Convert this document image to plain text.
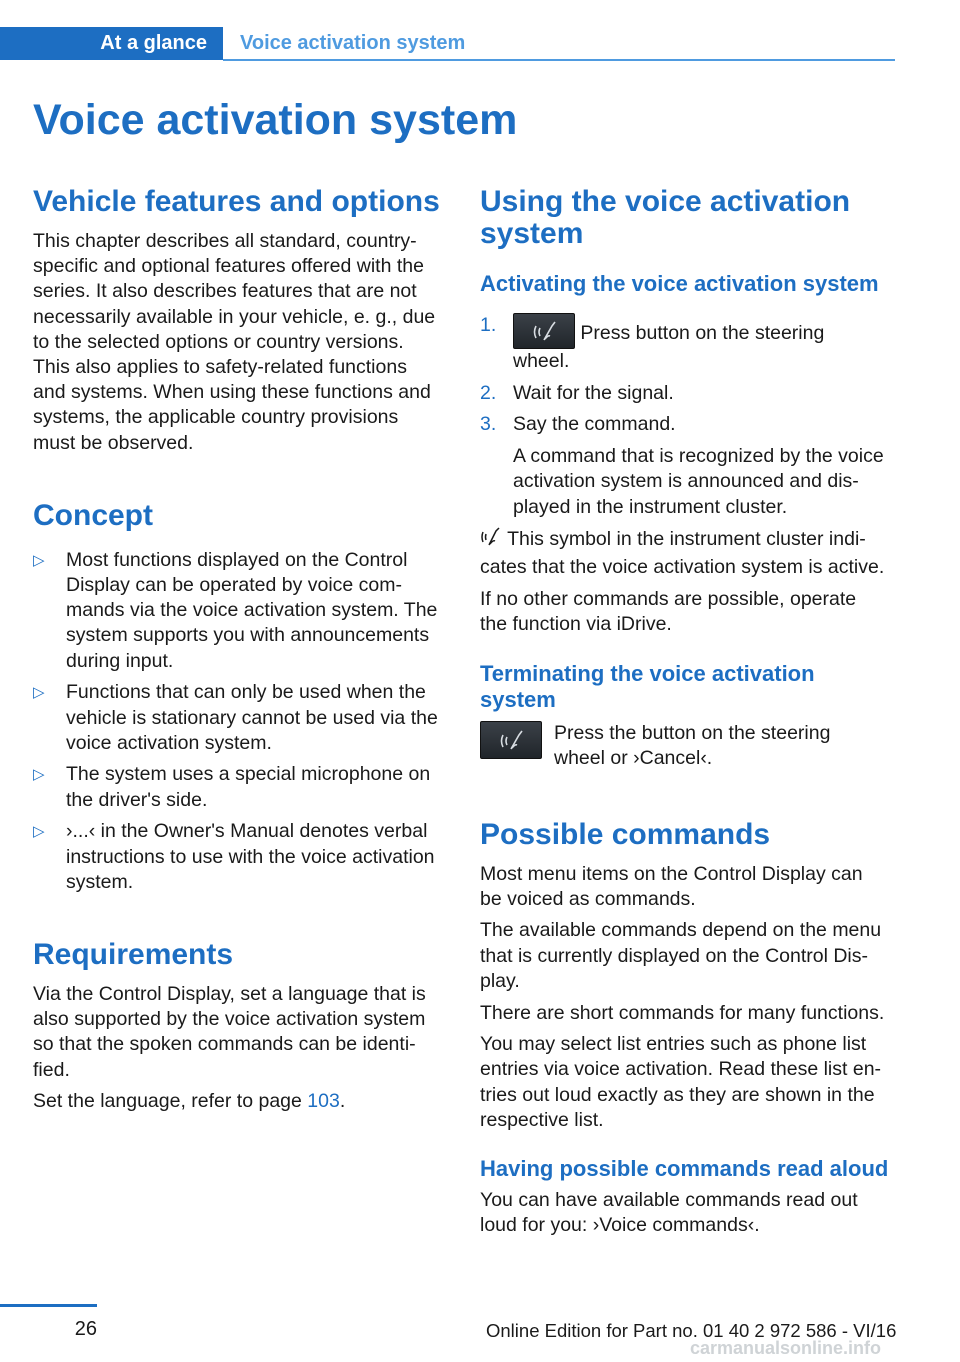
At a glance	Voice activation system
Voice activation system
Vehicle features and options

This chapter describes all standard, country-
specific and optional features offered with the
series. It also describes features that are not
necessarily available in your vehicle, e. g., due
to the selected options or country versions.
This also applies to safety-related functions
and systems. When using these functions and
systems, the applicable country provisions
must be observed.

Concept
▷ Most functions displayed on the Control
Display can be operated by voice com-
mands via the voice activation system. The
system supports you with announcements
during input.
▷ Functions that can only be used when the
vehicle is stationary cannot be used via the
voice activation system.
▷ The system uses a special microphone on
the driver's side.
▷ ›...‹ in the Owner's Manual denotes verbal
instructions to use with the voice activation
system.
Requirements

Via the Control Display, set a language that is
also supported by the voice activation system
so that the spoken commands can be identi-
fied.

Set the language, refer to page 103.

Using the voice activation
system
Activating the voice activation system
1.	Press button on the steering
wheel.
2. Wait for the signal.
3. Say the command.
A command that is recognized by the voice
activation system is announced and dis-
played in the instrument cluster.

This symbol in the instrument cluster indi-
cates that the voice activation system is active.

If no other commands are possible, operate
the function via iDrive.

Terminating the voice activation
system

Press the button on the steering
wheel or ›Cancel‹.

Possible commands

Most menu items on the Control Display can
be voiced as commands.

The available commands depend on the menu
that is currently displayed on the Control Dis-
play.

There are short commands for many functions.

You may select list entries such as phone list
entries via voice activation. Read these list en-
tries out loud exactly as they are shown in the
respective list.

Having possible commands read aloud

You can have available commands read out
loud for you: ›Voice commands‹.

26	Online Edition for Part no. 01 40 2 972 586 - VI/16
carmanualsonline.info
